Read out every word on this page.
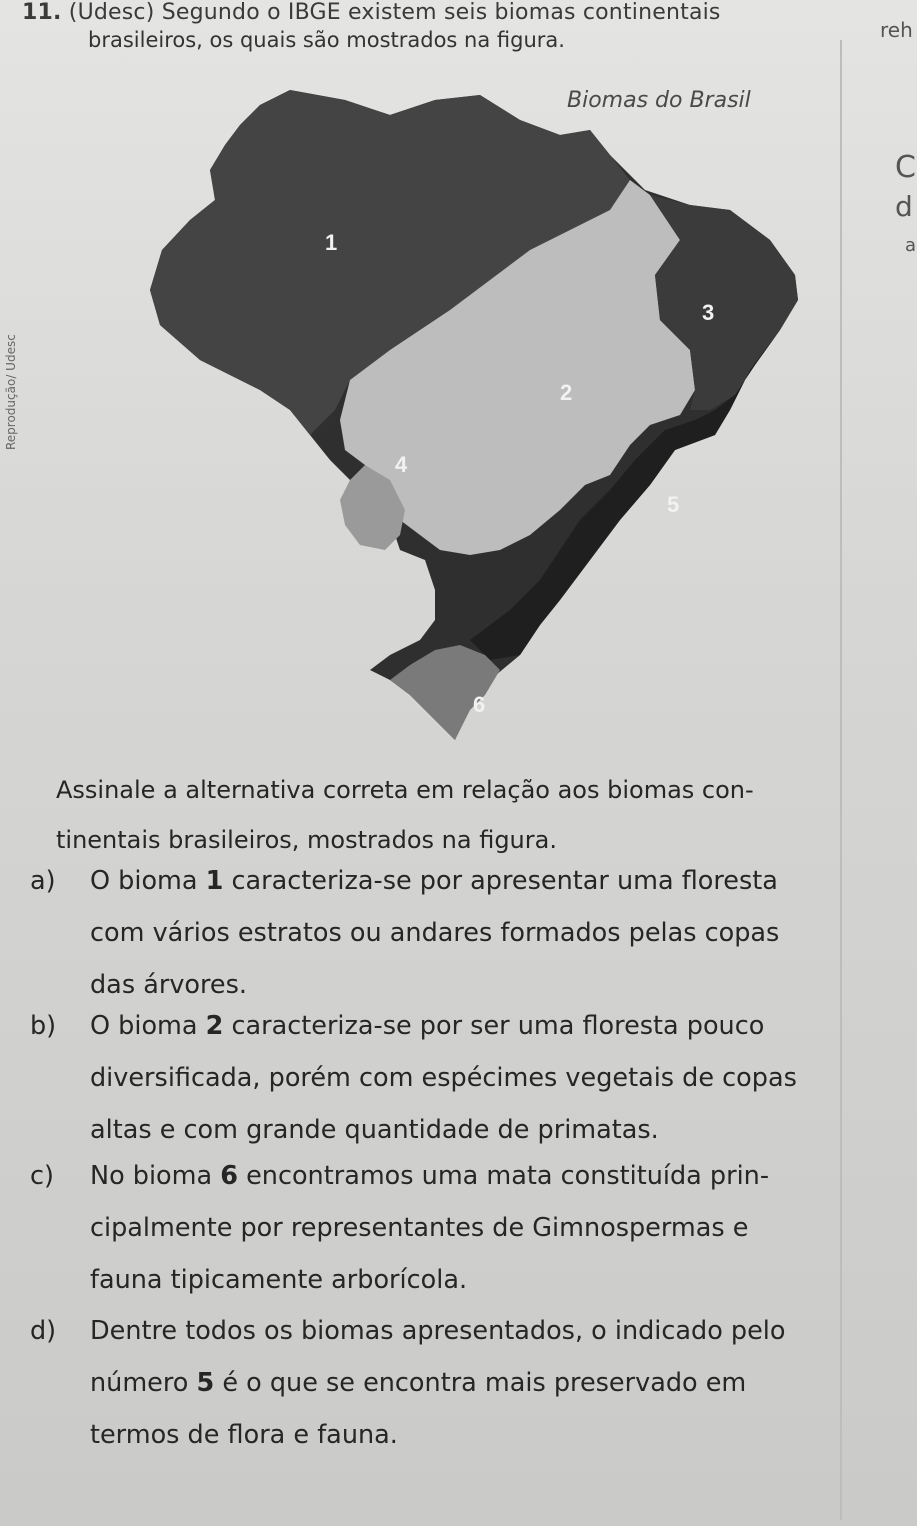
11. (Udesc) Segundo o IBGE existem seis biomas continentais
brasileiros, os quais são mostrados na figura.	reh
C
d
a
Reprodução/ Udesc
1
2
3
4
5
6
Biomas do Brasil
Assinale a alternativa correta em relação aos biomas con-
tinentais brasileiros, mostrados na figura.
a) O bioma 1 caracteriza-se por apresentar uma floresta
com vários estratos ou andares formados pelas copas
das árvores.
b) O bioma 2 caracteriza-se por ser uma floresta pouco
diversificada, porém com espécimes vegetais de copas
altas e com grande quantidade de primatas.
c) No bioma 6 encontramos uma mata constituída prin-
cipalmente por representantes de Gimnospermas e
fauna tipicamente arborícola.
d) Dentre todos os biomas apresentados, o indicado pelo
número 5 é o que se encontra mais preservado em
termos de flora e fauna.
